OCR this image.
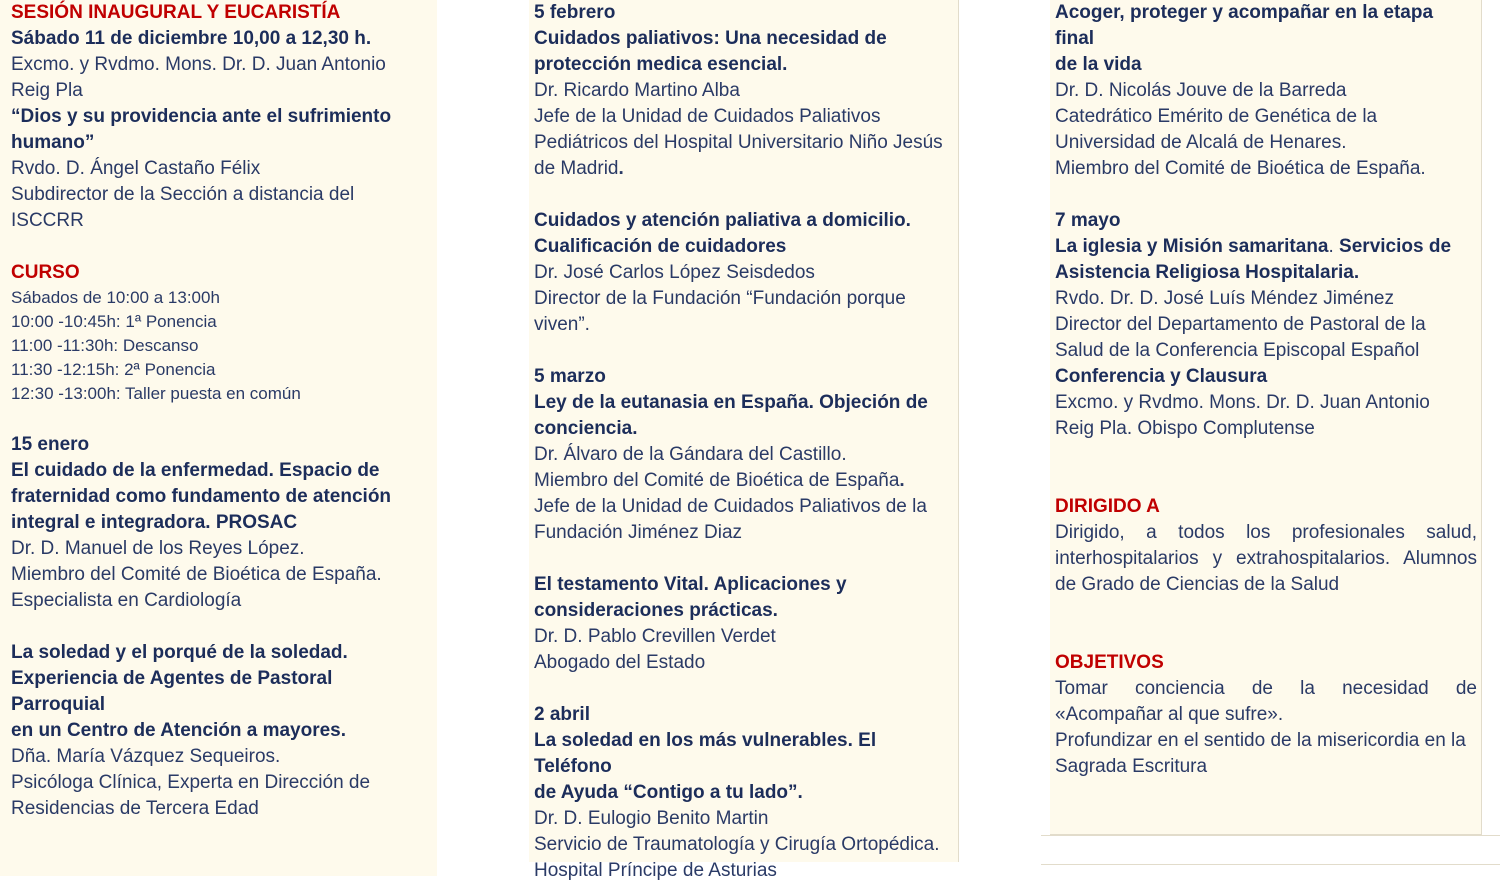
SESIÓN INAUGURAL Y EUCARISTÍA

Sábado 11 de diciembre 10,00 a 12,30 h.

Excmo. y Rvdmo. Mons. Dr. D. Juan Antonio

Reig Pla

“Dios y su providencia ante el sufrimiento

humano”

Rvdo. D. Ángel Castaño Félix

Subdirector de la Sección a distancia del ISCCRR

CURSO

Sábados de 10:00 a 13:00h

10:00 -10:45h: 1ª Ponencia

11:00 -11:30h: Descanso

11:30 -12:15h: 2ª Ponencia

12:30 -13:00h: Taller puesta en común

15 enero

El cuidado de la enfermedad. Espacio de

fraternidad como fundamento de atención

integral e integradora. PROSAC

Dr. D. Manuel de los Reyes López.

Miembro del Comité de Bioética de España.

Especialista en Cardiología

La soledad y el porqué de la soledad.

Experiencia de Agentes de Pastoral Parroquial

en un Centro de Atención a mayores.

Dña. María Vázquez Sequeiros.

Psicóloga Clínica, Experta en Dirección de

Residencias de Tercera Edad

5 febrero

Cuidados paliativos: Una necesidad de

protección medica esencial.

Dr. Ricardo Martino Alba

Jefe de la Unidad de Cuidados Paliativos

Pediátricos del Hospital Universitario Niño Jesús

de Madrid.

Cuidados y atención paliativa a domicilio.

Cualificación de cuidadores

Dr. José Carlos López Seisdedos

Director de la Fundación “Fundación porque

viven”.

5 marzo

Ley de la eutanasia en España. Objeción de

conciencia.

Dr. Álvaro de la Gándara del Castillo.

Miembro del Comité de Bioética de España.

Jefe de la Unidad de Cuidados Paliativos de la

Fundación Jiménez Diaz

El testamento Vital. Aplicaciones y

consideraciones prácticas.

Dr. D. Pablo Crevillen Verdet

Abogado del Estado

2 abril

La soledad en los más vulnerables. El Teléfono

de Ayuda “Contigo a tu lado”.

Dr. D. Eulogio Benito Martin

Servicio de Traumatología y Cirugía Ortopédica.

Hospital Príncipe de Asturias

Acoger, proteger y acompañar en la etapa final

de la vida

Dr. D. Nicolás Jouve de la Barreda

Catedrático Emérito de Genética de la

Universidad de Alcalá de Henares.

Miembro del Comité de Bioética de España.

7 mayo

La iglesia y Misión samaritana. Servicios de

Asistencia Religiosa Hospitalaria.

Rvdo. Dr. D. José Luís Méndez Jiménez

Director del Departamento de Pastoral de la

Salud de la Conferencia Episcopal Español

Conferencia y Clausura

Excmo. y Rvdmo. Mons. Dr. D. Juan Antonio

Reig Pla. Obispo Complutense

DIRIGIDO A

Dirigido, a todos los profesionales salud, interhospitalarios y extrahospitalarios. Alumnos de Grado de Ciencias de la Salud

OBJETIVOS

Tomar conciencia de la necesidad de «Acompañar al que sufre».

Profundizar en el sentido de la misericordia en la Sagrada Escritura
